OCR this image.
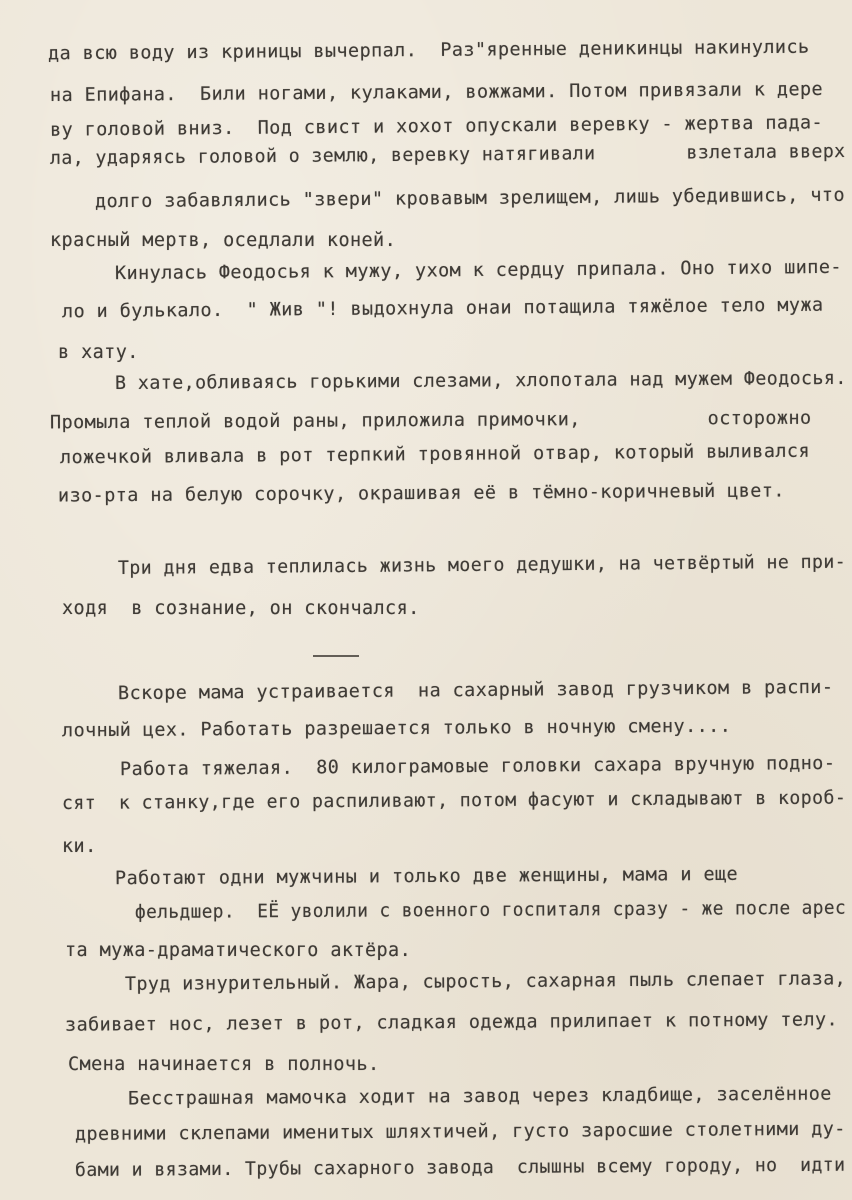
да всю воду из криницы вычерпал.  Раз"яренные деникинцы накинулись
на Епифана.  Били ногами, кулаками, вожжами. Потом привязали к дере
ву головой вниз.  Под свист и хохот опускали веревку - жертва пада-
ла, ударяясь головой о землю, веревку натягивали        взлетала вверх
долго забавлялись "звери" кровавым зрелищем, лишь убедившись, что
красный мертв, оседлали коней.
Кинулась Феодосья к мужу, ухом к сердцу припала. Оно тихо шипе-
ло и булькало.  " Жив "! выдохнула онаи потащила тяжёлое тело мужа
в хату.
В хате,обливаясь горькими слезами, хлопотала над мужем Феодосья.
Промыла теплой водой раны, приложила примочки,           осторожно
ложечкой вливала в рот терпкий тровянной отвар, который выливался
изо-рта на белую сорочку, окрашивая её в тёмно-коричневый цвет.
Три дня едва теплилась жизнь моего дедушки, на четвёртый не при-
ходя  в сознание, он скончался.
Вскоре мама устраивается  на сахарный завод грузчиком в распи-
лочный цех. Работать разрешается только в ночную смену....
Работа тяжелая.  80 килограмовые головки сахара вручную подно-
сят  к станку,где его распиливают, потом фасуют и складывают в короб-
ки.
Работают одни мужчины и только две женщины, мама и еще
фельдшер.  ЕЁ уволили с военного госпиталя сразу - же после арес
та мужа-драматического актёра.
Труд изнурительный. Жара, сырость, сахарная пыль слепает глаза,
забивает нос, лезет в рот, сладкая одежда прилипает к потному телу.
Смена начинается в полночь.
Бесстрашная мамочка ходит на завод через кладбище, заселённое
древними склепами именитых шляхтичей, густо заросшие столетними ду-
бами и вязами. Трубы сахарного завода  слышны всему городу, но  идти
